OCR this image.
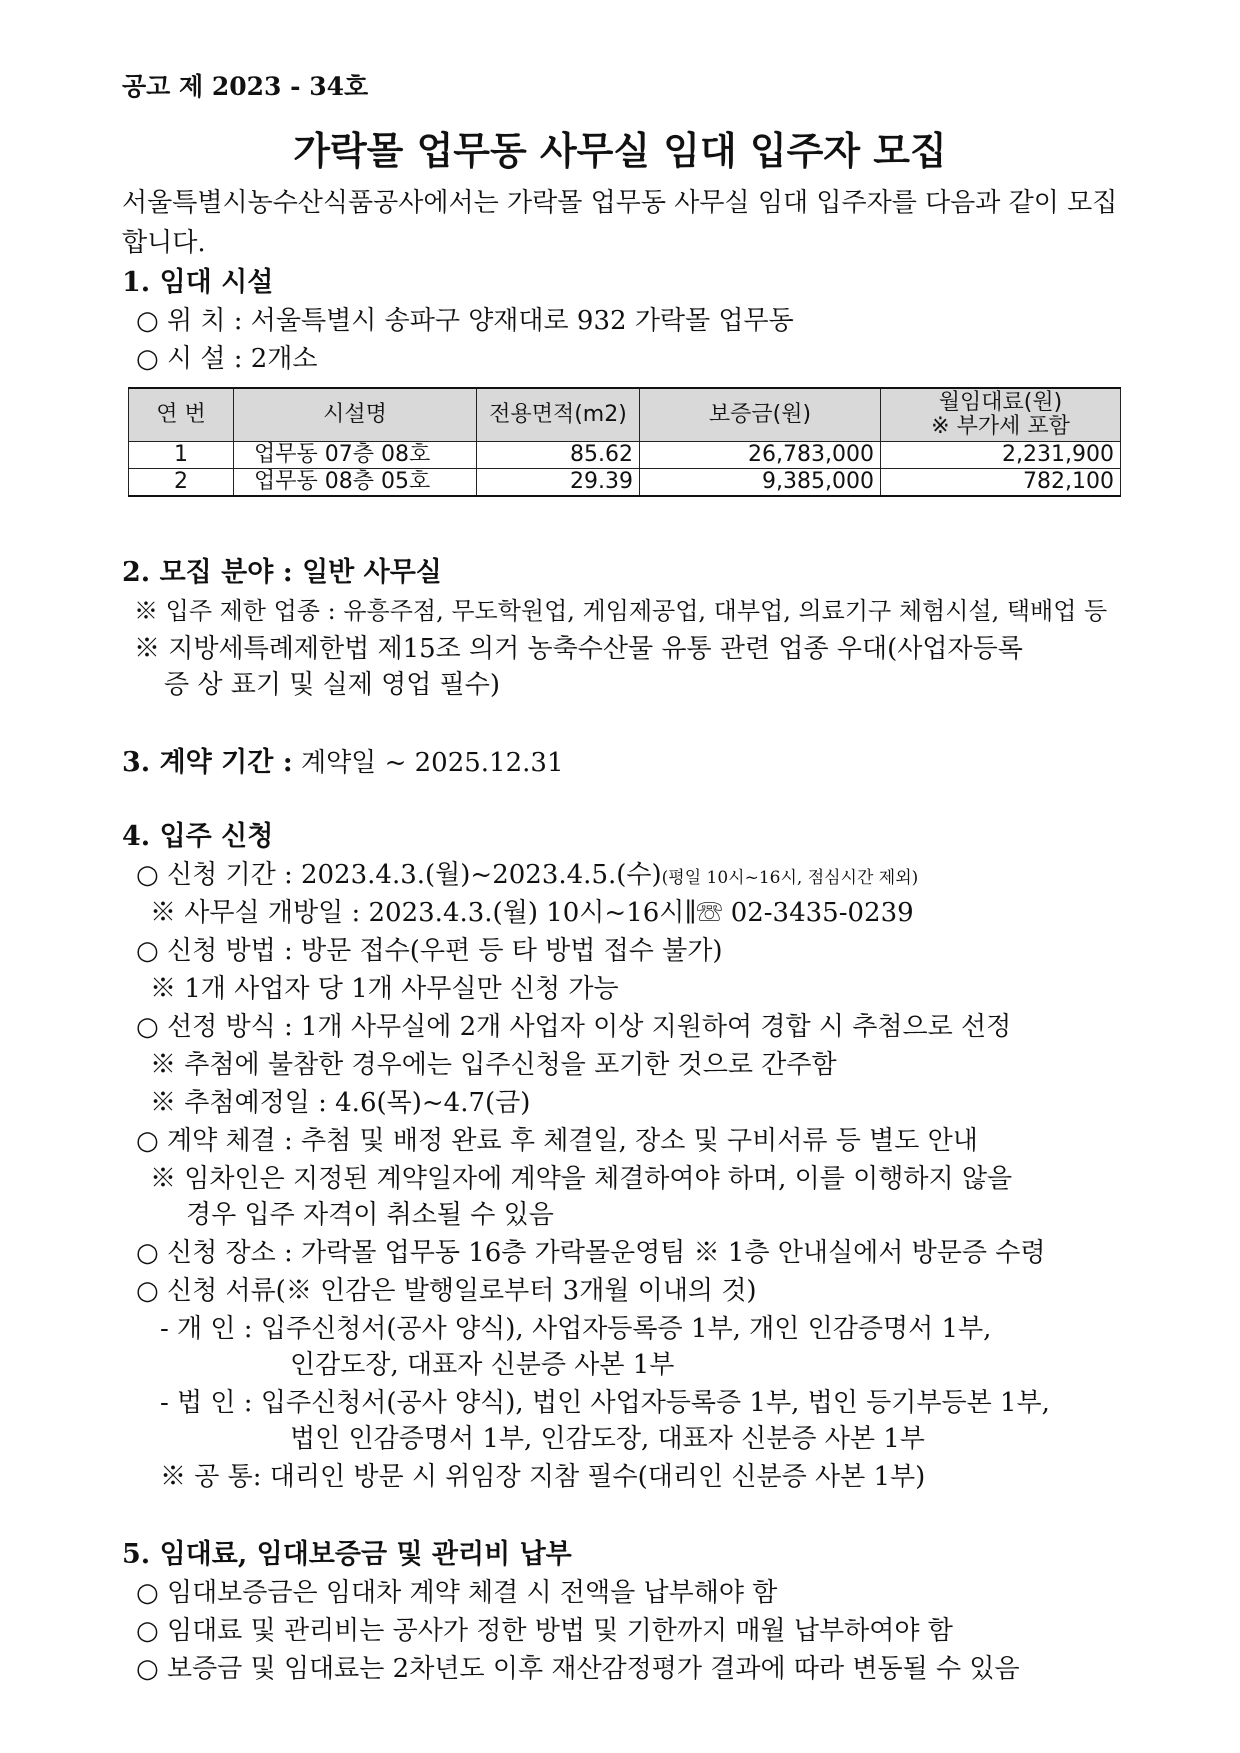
공고 제 2023 - 34호
가락몰 업무동 사무실 임대 입주자 모집
서울특별시농수산식품공사에서는 가락몰 업무동 사무실 임대 입주자를 다음과 같이 모집합니다.
1. 임대 시설
○ 위 치 : 서울특별시 송파구 양재대로 932 가락몰 업무동
○ 시 설 : 2개소
연 번	시설명	전용면적(m2)	보증금(원)	월임대료(원)
※ 부가세 포함

1	업무동 07층 08호	85.62	26,783,000	2,231,900
2	업무동 08층 05호	29.39	9,385,000	782,100
2. 모집 분야 : 일반 사무실
※ 입주 제한 업종 : 유흥주점, 무도학원업, 게임제공업, 대부업, 의료기구 체험시설, 택배업 등
※ 지방세특례제한법 제15조 의거 농축수산물 유통 관련 업종 우대(사업자등록
증 상 표기 및 실제 영업 필수)
3. 계약 기간 : 계약일 ~ 2025.12.31
4. 입주 신청
○ 신청 기간 : 2023.4.3.(월)~2023.4.5.(수)(평일 10시~16시, 점심시간 제외)
※ 사무실 개방일 : 2023.4.3.(월) 10시~16시∥☏ 02-3435-0239
○ 신청 방법 : 방문 접수(우편 등 타 방법 접수 불가)
※ 1개 사업자 당 1개 사무실만 신청 가능
○ 선정 방식 : 1개 사무실에 2개 사업자 이상 지원하여 경합 시 추첨으로 선정
※ 추첨에 불참한 경우에는 입주신청을 포기한 것으로 간주함
※ 추첨예정일 : 4.6(목)~4.7(금)
○ 계약 체결 : 추첨 및 배정 완료 후 체결일, 장소 및 구비서류 등 별도 안내
※ 임차인은 지정된 계약일자에 계약을 체결하여야 하며, 이를 이행하지 않을
경우 입주 자격이 취소될 수 있음
○ 신청 장소 : 가락몰 업무동 16층 가락몰운영팀 ※ 1층 안내실에서 방문증 수령
○ 신청 서류(※ 인감은 발행일로부터 3개월 이내의 것)
- 개 인 : 입주신청서(공사 양식), 사업자등록증 1부, 개인 인감증명서 1부,
인감도장, 대표자 신분증 사본 1부
- 법 인 : 입주신청서(공사 양식), 법인 사업자등록증 1부, 법인 등기부등본 1부,
법인 인감증명서 1부, 인감도장, 대표자 신분증 사본 1부
※ 공 통: 대리인 방문 시 위임장 지참 필수(대리인 신분증 사본 1부)
5. 임대료, 임대보증금 및 관리비 납부
○ 임대보증금은 임대차 계약 체결 시 전액을 납부해야 함
○ 임대료 및 관리비는 공사가 정한 방법 및 기한까지 매월 납부하여야 함
○ 보증금 및 임대료는 2차년도 이후 재산감정평가 결과에 따라 변동될 수 있음
